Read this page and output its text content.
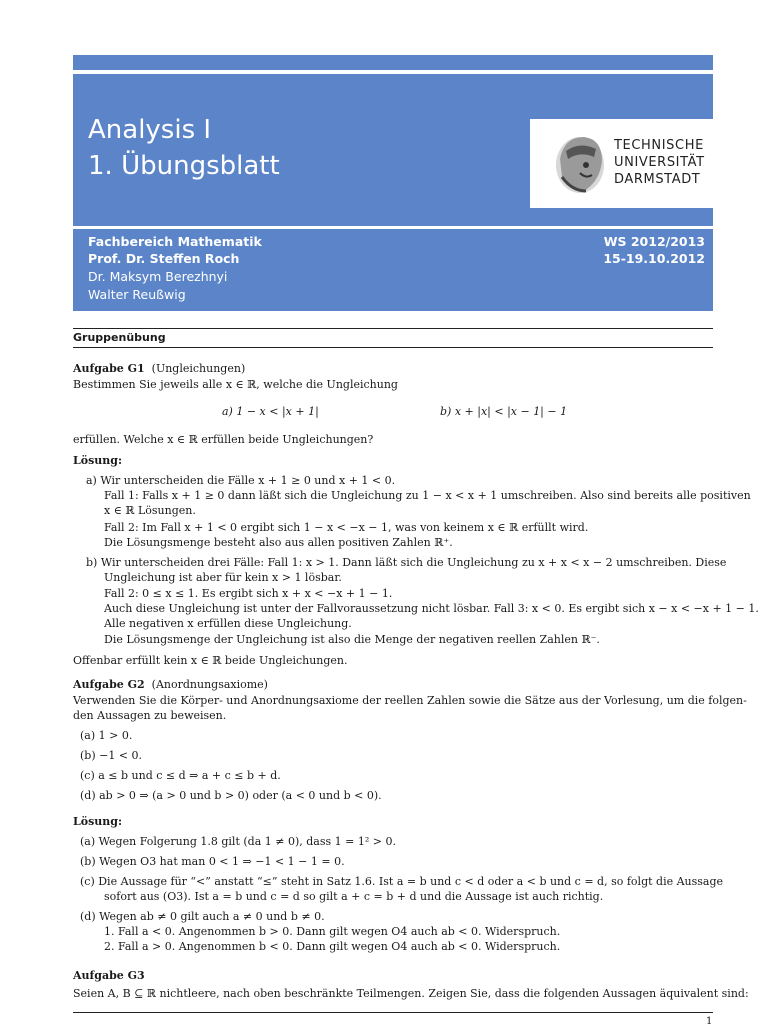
Analysis I
1. Übungsblatt
TECHNISCHE
UNIVERSITÄT
DARMSTADT
Fachbereich Mathematik
Prof. Dr. Steffen Roch
Dr. Maksym Berezhnyi
Walter Reußwig
WS 2012/2013
15-19.10.2012
Gruppenübung
Aufgabe G1 (Ungleichungen)
Bestimmen Sie jeweils alle x ∈ ℝ, welche die Ungleichung
a) 1 − x < |x + 1|	b) x + |x| < |x − 1| − 1
erfüllen. Welche x ∈ ℝ erfüllen beide Ungleichungen?
Lösung:
a) Wir unterscheiden die Fälle x + 1 ≥ 0 und x + 1 < 0.
Fall 1: Falls x + 1 ≥ 0 dann läßt sich die Ungleichung zu 1 − x < x + 1 umschreiben. Also sind bereits alle positiven
x ∈ ℝ Lösungen.
Fall 2: Im Fall x + 1 < 0 ergibt sich 1 − x < −x − 1, was von keinem x ∈ ℝ erfüllt wird.
Die Lösungsmenge besteht also aus allen positiven Zahlen ℝ⁺.
b) Wir unterscheiden drei Fälle: Fall 1: x > 1. Dann läßt sich die Ungleichung zu x + x < x − 2 umschreiben. Diese
Ungleichung ist aber für kein x > 1 lösbar.
Fall 2: 0 ≤ x ≤ 1. Es ergibt sich x + x < −x + 1 − 1.
Auch diese Ungleichung ist unter der Fallvoraussetzung nicht lösbar. Fall 3: x < 0. Es ergibt sich x − x < −x + 1 − 1.
Alle negativen x erfüllen diese Ungleichung.
Die Lösungsmenge der Ungleichung ist also die Menge der negativen reellen Zahlen ℝ⁻.
Offenbar erfüllt kein x ∈ ℝ beide Ungleichungen.
Aufgabe G2 (Anordnungsaxiome)
Verwenden Sie die Körper- und Anordnungsaxiome der reellen Zahlen sowie die Sätze aus der Vorlesung, um die folgen-
den Aussagen zu beweisen.
(a) 1 > 0.
(b) −1 < 0.
(c) a ≤ b und c ≤ d ⇒ a + c ≤ b + d.
(d) ab > 0 ⇒ (a > 0 und b > 0) oder (a < 0 und b < 0).
Lösung:
(a) Wegen Folgerung 1.8 gilt (da 1 ≠ 0), dass 1 = 1² > 0.
(b) Wegen O3 hat man 0 < 1 ⇒ −1 < 1 − 1 = 0.
(c) Die Aussage für “<” anstatt “≤” steht in Satz 1.6. Ist a = b und c < d oder a < b und c = d, so folgt die Aussage
sofort aus (O3). Ist a = b und c = d so gilt a + c = b + d und die Aussage ist auch richtig.
(d) Wegen ab ≠ 0 gilt auch a ≠ 0 und b ≠ 0.
1. Fall a < 0. Angenommen b > 0. Dann gilt wegen O4 auch ab < 0. Widerspruch.
2. Fall a > 0. Angenommen b < 0. Dann gilt wegen O4 auch ab < 0. Widerspruch.
Aufgabe G3
Seien A, B ⊆ ℝ nichtleere, nach oben beschränkte Teilmengen. Zeigen Sie, dass die folgenden Aussagen äquivalent sind:
1
